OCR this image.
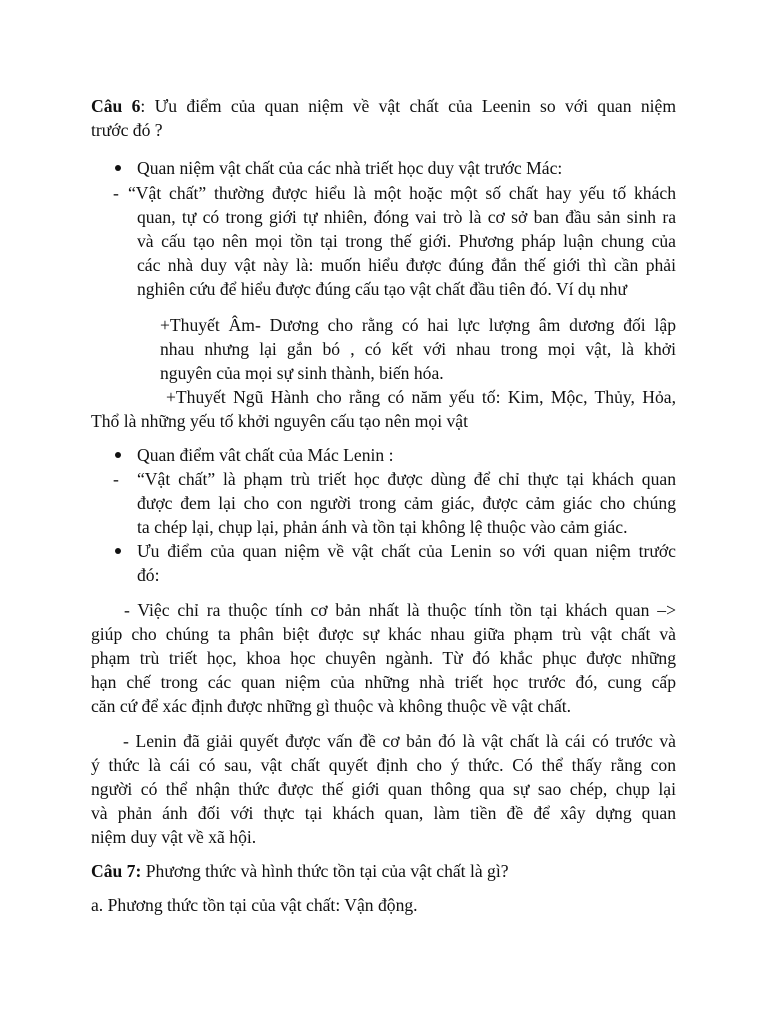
Câu 6: Ưu điểm của quan niệm về vật chất của Leenin so với quan niệm
trước đó ?
Quan niệm vật chất của các nhà triết học duy vật trước Mác:
- “Vật chất” thường được hiểu là một hoặc một số chất hay yếu tố khách
quan, tự có trong giới tự nhiên, đóng vai trò là cơ sở ban đầu sản sinh ra
và cấu tạo nên mọi tồn tại trong thế giới. Phương pháp luận chung của
các nhà duy vật này là: muốn hiểu được đúng đắn thế giới thì cần phải
nghiên cứu để hiểu được đúng cấu tạo vật chất đầu tiên đó. Ví dụ như
+Thuyết Âm- Dương cho rằng có hai lực lượng âm dương đối lập
nhau nhưng lại gắn bó , có kết với nhau trong mọi vật, là khởi
nguyên của mọi sự sinh thành, biến hóa.
+Thuyết Ngũ Hành cho rằng có năm yếu tố: Kim, Mộc, Thủy, Hỏa,
Thổ là những yếu tố khởi nguyên cấu tạo nên mọi vật
Quan điểm vât chất của Mác Lenin :
- “Vật chất” là phạm trù triết học được dùng để chỉ thực tại khách quan
được đem lại cho con người trong cảm giác, được cảm giác cho chúng
ta chép lại, chụp lại, phản ánh và tồn tại không lệ thuộc vào cảm giác.
Ưu điểm của quan niệm về vật chất của Lenin so với quan niệm trước
đó:
- Việc chỉ ra thuộc tính cơ bản nhất là thuộc tính tồn tại khách quan –>
giúp cho chúng ta phân biệt được sự khác nhau giữa phạm trù vật chất và
phạm trù triết học, khoa học chuyên ngành. Từ đó khắc phục được những
hạn chế trong các quan niệm của những nhà triết học trước đó, cung cấp
căn cứ để xác định được những gì thuộc và không thuộc về vật chất.
- Lenin đã giải quyết được vấn đề cơ bản đó là vật chất là cái có trước và
ý thức là cái có sau, vật chất quyết định cho ý thức. Có thể thấy rằng con
người có thể nhận thức được thế giới quan thông qua sự sao chép, chụp lại
và phản ánh đối với thực tại khách quan, làm tiền đề để xây dựng quan
niệm duy vật về xã hội.
Câu 7: Phương thức và hình thức tồn tại của vật chất là gì?
a. Phương thức tồn tại của vật chất: Vận động.
